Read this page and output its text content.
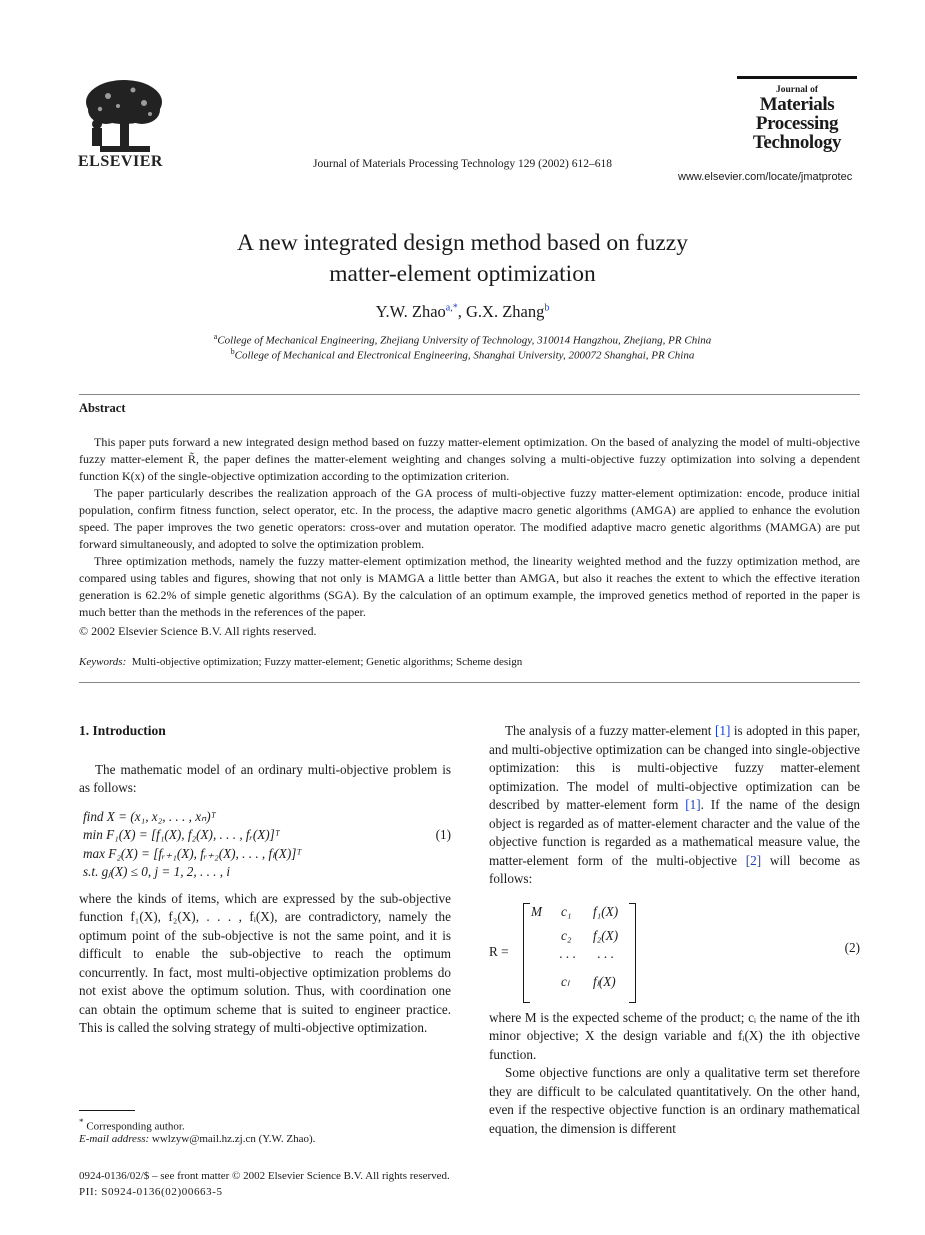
ELSEVIER	Journal of Materials Processing Technology 129 (2002) 612–618
Journal of
Materials
Processing
Technology
www.elsevier.com/locate/jmatprotec
A new integrated design method based on fuzzy
matter-element optimization
Y.W. Zhao$^{a,*}$, G.X. Zhang$^b$
$^a$College of Mechanical Engineering, Zhejiang University of Technology, 310014 Hangzhou, Zhejiang, PR China
$^b$College of Mechanical and Electronical Engineering, Shanghai University, 200072 Shanghai, PR China
Abstract

This paper puts forward a new integrated design method based on fuzzy matter-element optimization. On the based of analyzing the model of multi-objective fuzzy matter-element R̃, the paper defines the matter-element weighting and changes solving a multi-objective fuzzy optimization into solving a dependent function K(x) of the single-objective optimization according to the optimization criterion.

The paper particularly describes the realization approach of the GA process of multi-objective fuzzy matter-element optimization: encode, produce initial population, confirm fitness function, select operator, etc. In the process, the adaptive macro genetic algorithms (AMGA) are applied to enhance the evolution speed. The paper improves the two genetic operators: cross-over and mutation operator. The modified adaptive macro genetic algorithms (MAMGA) are put forward simultaneously, and adopted to solve the optimization problem.

Three optimization methods, namely the fuzzy matter-element optimization method, the linearity weighted method and the fuzzy optimization method, are compared using tables and figures, showing that not only is MAMGA a little better than AMGA, but also it reaches the extent to which the effective iteration generation is 62.2% of simple genetic algorithms (SGA). By the calculation of an optimum example, the improved genetics method of reported in the paper is much better than the methods in the references of the paper.

© 2002 Elsevier Science B.V. All rights reserved.
Keywords: Multi-objective optimization; Fuzzy matter-element; Genetic algorithms; Scheme design
1. Introduction

The mathematic model of an ordinary multi-objective problem is as follows:

find X = (x₁, x₂, . . . , xₙ)ᵀ
min F₁(X) = [f₁(X), f₂(X), . . . , fᵣ(X)]ᵀ
max F₂(X) = [fᵣ₊₁(X), fᵣ₊₂(X), . . . , fₗ(X)]ᵀ
s.t. gⱼ(X) ≤ 0, j = 1, 2, . . . , i
(1)

where the kinds of items, which are expressed by the sub-objective function f₁(X), f₂(X), . . . , fᵢ(X), are contradictory, namely the optimum point of the sub-objective is not the same point, and it is difficult to enable the sub-objective to reach the optimum concurrently. In fact, most multi-objective optimization problems do not exist above the optimum solution. Thus, with coordination one can obtain the optimum scheme that is suited to engineer practice. This is called the solving strategy of multi-objective optimization.

The analysis of a fuzzy matter-element [1] is adopted in this paper, and multi-objective optimization can be changed into single-objective optimization: this is multi-objective fuzzy matter-element optimization. The model of multi-objective optimization can be described by matter-element form [1]. If the name of the design object is regarded as of matter-element character and the value of the objective function is regarded as a mathematical measure value, the matter-element form of the multi-objective [2] will become as follows:

R =
M c₁ f₁(X)
c₂ f₂(X)
· · · · · ·
cₗ fₗ(X)
(2)

where M is the expected scheme of the product; cᵢ the name of the ith minor objective; X the design variable and fᵢ(X) the ith objective function.

Some objective functions are only a qualitative term set therefore they are difficult to be calculated quantitatively. On the other hand, even if the respective objective function is an ordinary mathematical equation, the dimension is different

* Corresponding author.
E-mail address: wwlzyw@mail.hz.zj.cn (Y.W. Zhao).
0924-0136/02/$ – see front matter © 2002 Elsevier Science B.V. All rights reserved.
PII: S0924-0136(02)00663-5
